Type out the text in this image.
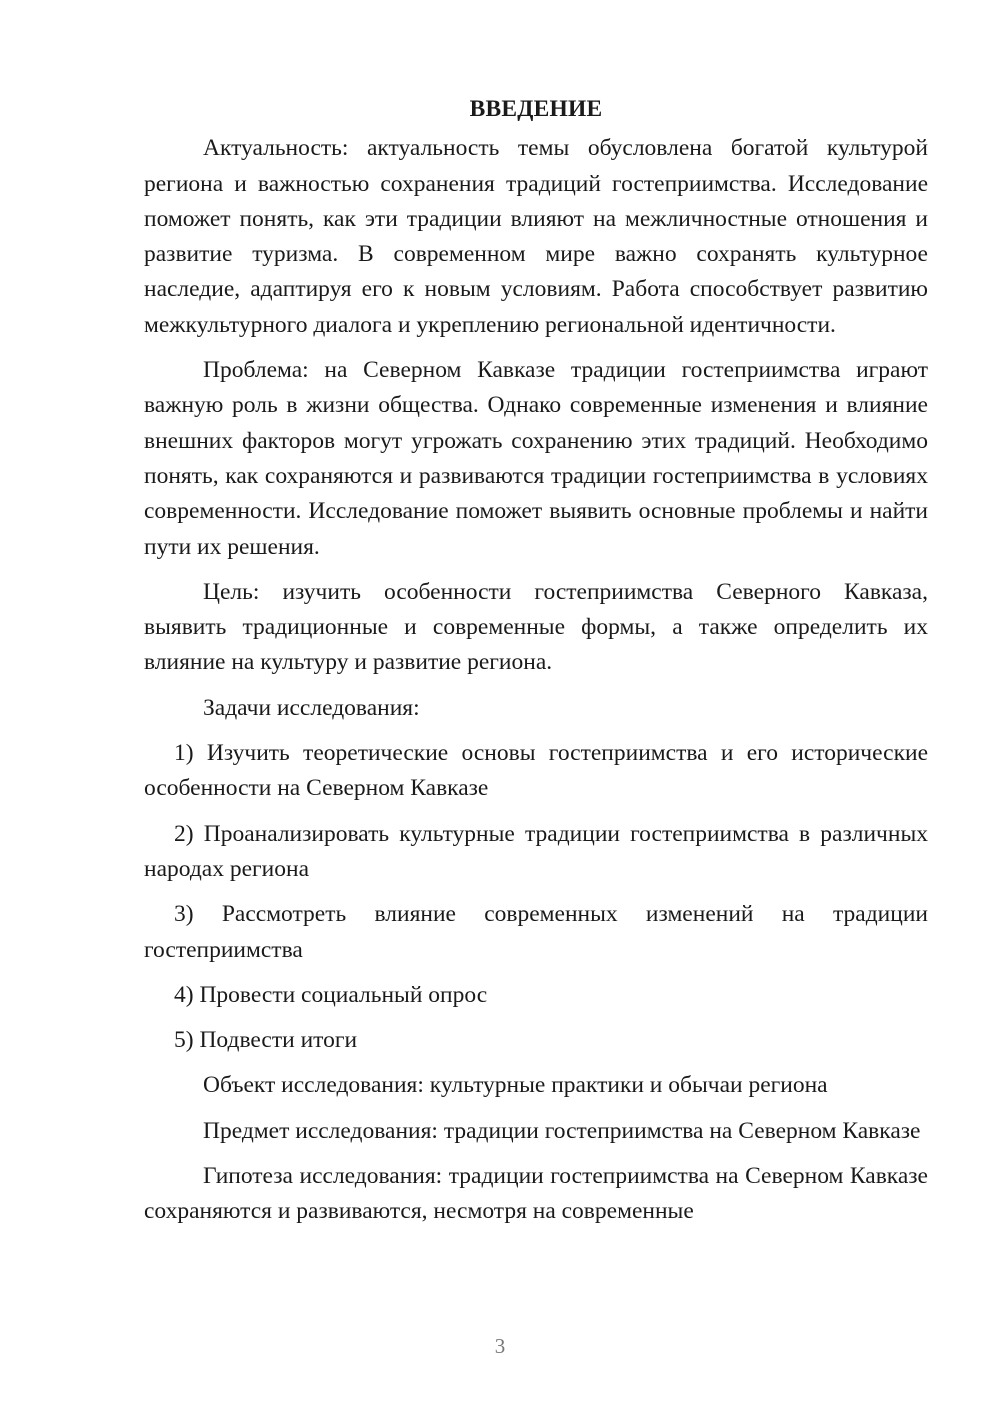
ВВЕДЕНИЕ

Актуальность: актуальность темы обусловлена богатой культурой региона и важностью сохранения традиций гостеприимства. Исследование поможет понять, как эти традиции влияют на межличностные отношения и развитие туризма. В современном мире важно сохранять культурное наследие, адаптируя его к новым условиям. Работа способствует развитию межкультурного диалога и укреплению региональной идентичности.

Проблема: на Северном Кавказе традиции гостеприимства играют важную роль в жизни общества. Однако современные изменения и влияние внешних факторов могут угрожать сохранению этих традиций. Необходимо понять, как сохраняются и развиваются традиции гостеприимства в условиях современности. Исследование поможет выявить основные проблемы и найти пути их решения.

Цель: изучить особенности гостеприимства Северного Кавказа, выявить традиционные и современные формы, а также определить их влияние на культуру и развитие региона.

Задачи исследования:

1) Изучить теоретические основы гостеприимства и его исторические особенности на Северном Кавказе

2) Проанализировать культурные традиции гостеприимства в различных народах региона

3) Рассмотреть влияние современных изменений на традиции гостеприимства

4) Провести социальный опрос

5) Подвести итоги

Объект исследования: культурные практики и обычаи региона

Предмет исследования: традиции гостеприимства на Северном Кавказе

Гипотеза исследования: традиции гостеприимства на Северном Кавказе сохраняются и развиваются, несмотря на современные

3
